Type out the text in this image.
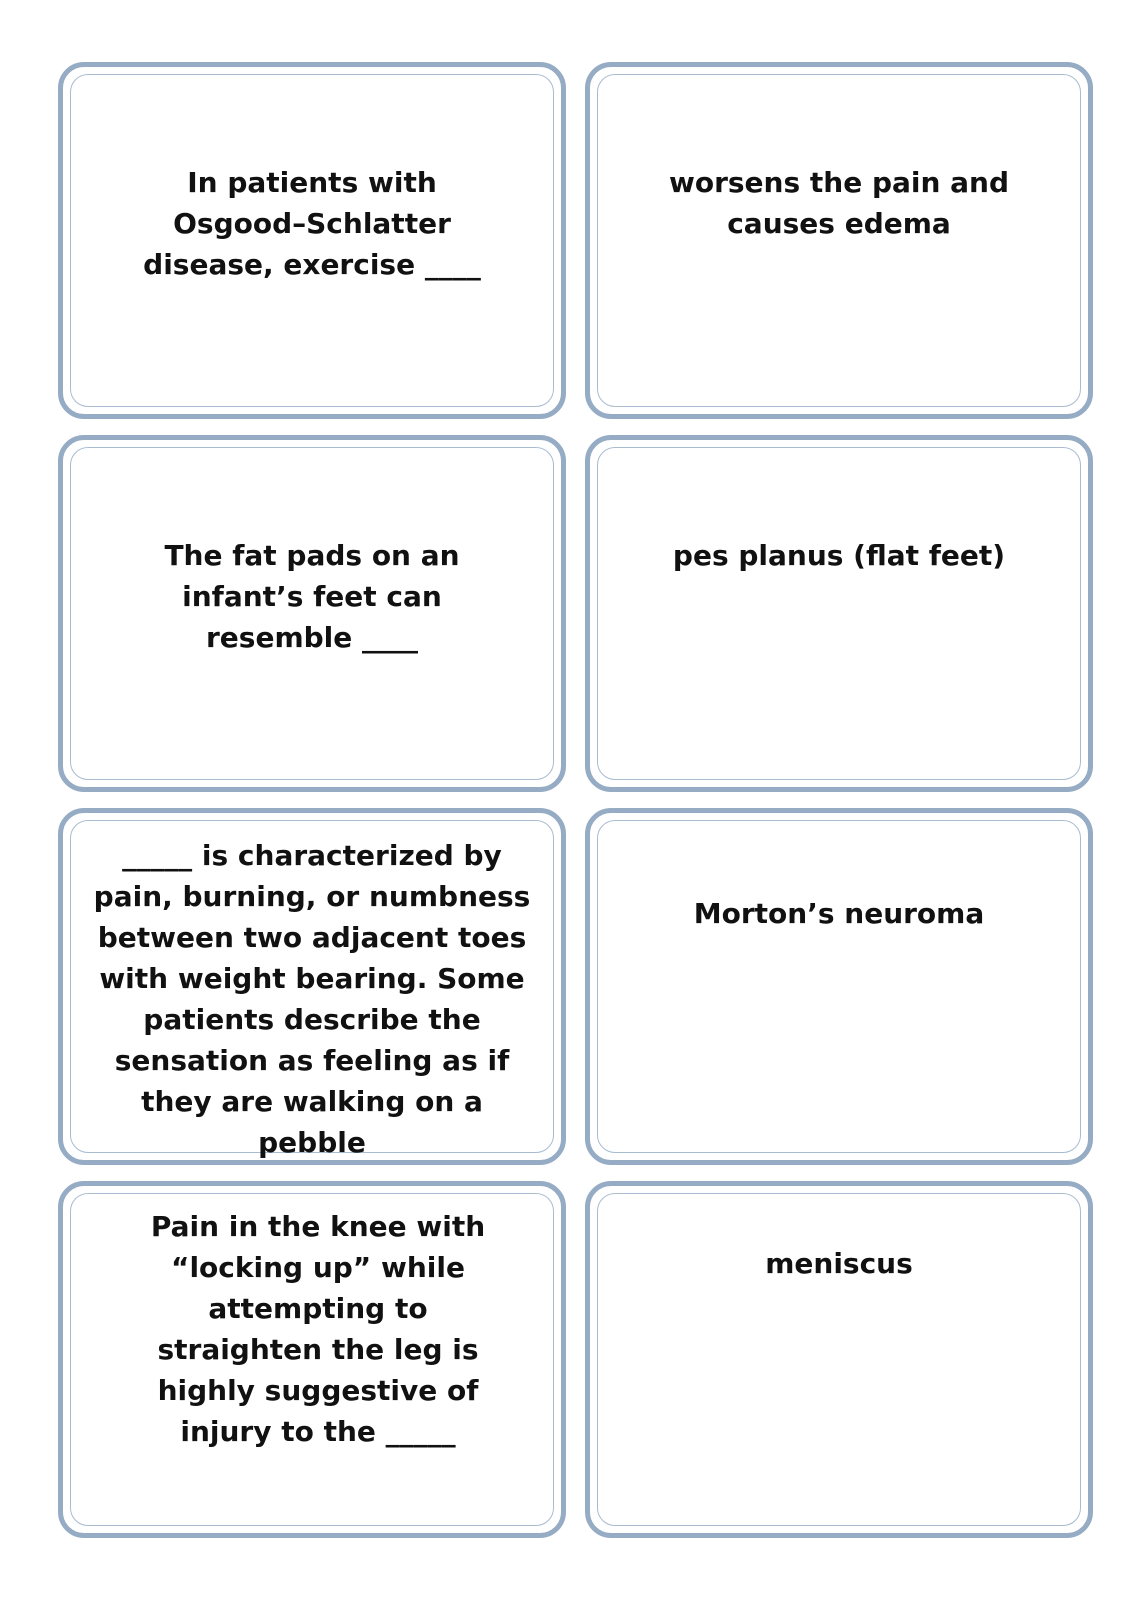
In patients with
Osgood–Schlatter
disease, exercise ____
worsens the pain and
causes edema
The fat pads on an
infant’s feet can
resemble ____
pes planus (flat feet)
_____ is characterized by
pain, burning, or numbness
between two adjacent toes
with weight bearing. Some
patients describe the
sensation as feeling as if
they are walking on a
pebble
Morton’s neuroma
Pain in the knee with
“locking up” while
attempting to
straighten the leg is
highly suggestive of
injury to the _____
meniscus
